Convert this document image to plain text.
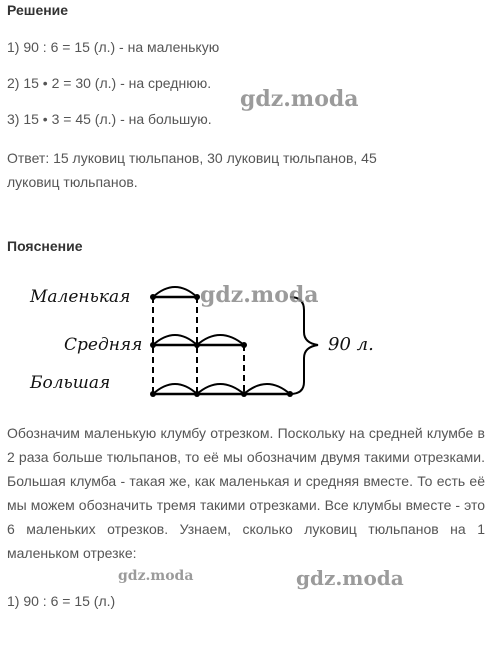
Решение
1) 90 : 6 = 15 (л.) - на маленькую
2) 15 • 2 = 30 (л.) - на среднюю.
3) 15 • 3 = 45 (л.) - на большую.
Ответ: 15 луковиц тюльпанов, 30 луковиц тюльпанов, 45 луковиц тюльпанов.
gdz.moda
Пояснение
Маленькая
Средняя
Большая
90 л.
gdz.moda
Обозначим маленькую клумбу отрезком. Поскольку на средней клумбе в 2 раза больше тюльпанов, то её мы обозначим двумя такими отрезками. Большая клумба - такая же, как маленькая и средняя вместе. То есть её мы можем обозначить тремя такими отрезками. Все клумбы вместе - это 6 маленьких отрезков. Узнаем, сколько луковиц тюльпанов на 1 маленьком отрезке:
gdz.moda	gdz.moda
1) 90 : 6 = 15 (л.)
